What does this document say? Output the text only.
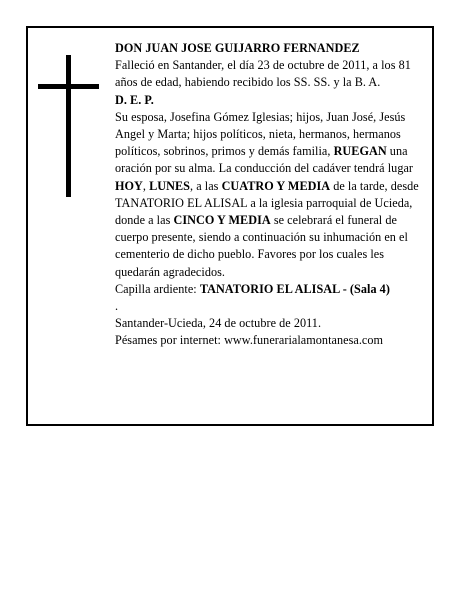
DON JUAN JOSE GUIJARRO FERNANDEZ

Falleció en Santander, el día 23 de octubre de 2011, a los 81 años de edad, habiendo recibido los SS. SS. y la B. A.

D. E. P.

Su esposa, Josefina Gómez Iglesias; hijos, Juan José, Jesús Angel y Marta; hijos políticos, nieta, hermanos, hermanos políticos, sobrinos, primos y demás familia, RUEGAN una oración por su alma. La conducción del cadáver tendrá lugar HOY, LUNES, a las CUATRO Y MEDIA de la tarde, desde TANATORIO EL ALISAL a la iglesia parroquial de Ucieda, donde a las CINCO Y MEDIA se celebrará el funeral de cuerpo presente, siendo a continuación su inhumación en el cementerio de dicho pueblo. Favores por los cuales les quedarán agradecidos.

Capilla ardiente: TANATORIO EL ALISAL - (Sala 4)

.

Santander-Ucieda, 24 de octubre de 2011.

Pésames por internet: www.funerarialamontanesa.com
